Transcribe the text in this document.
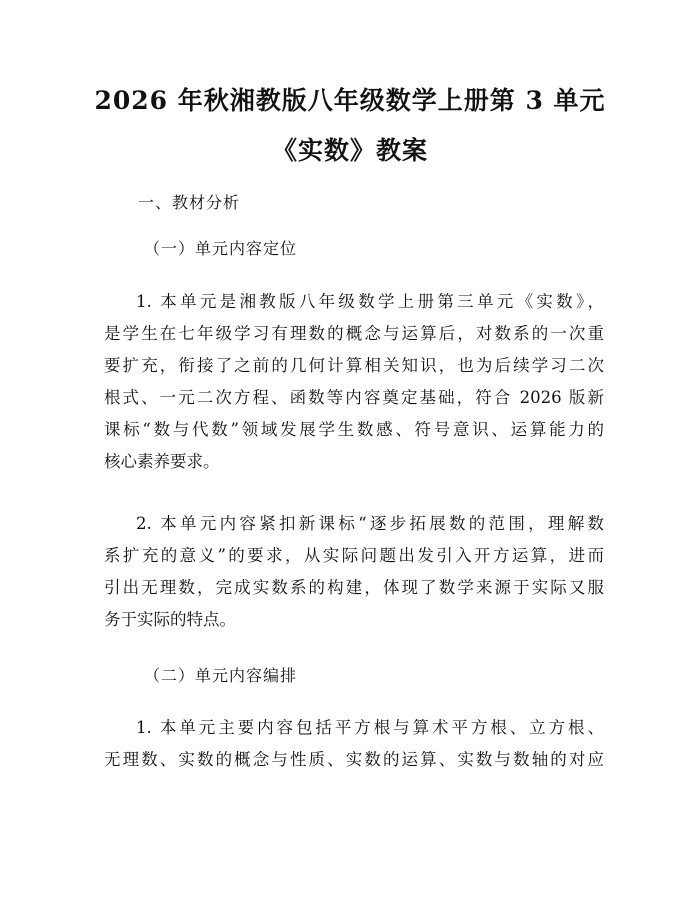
2026 年秋湘教版八年级数学上册第 3 单元
《实数》教案
一、教材分析
（一）单元内容定位
1. 本单元是湘教版八年级数学上册第三单元《实数》，
是学生在七年级学习有理数的概念与运算后，对数系的一次重
要扩充，衔接了之前的几何计算相关知识，也为后续学习二次
根式、一元二次方程、函数等内容奠定基础，符合 2026 版新
课标“数与代数”领域发展学生数感、符号意识、运算能力的
核心素养要求。
2. 本单元内容紧扣新课标“逐步拓展数的范围，理解数
系扩充的意义”的要求，从实际问题出发引入开方运算，进而
引出无理数，完成实数系的构建，体现了数学来源于实际又服
务于实际的特点。
（二）单元内容编排
1. 本单元主要内容包括平方根与算术平方根、立方根、
无理数、实数的概念与性质、实数的运算、实数与数轴的对应
